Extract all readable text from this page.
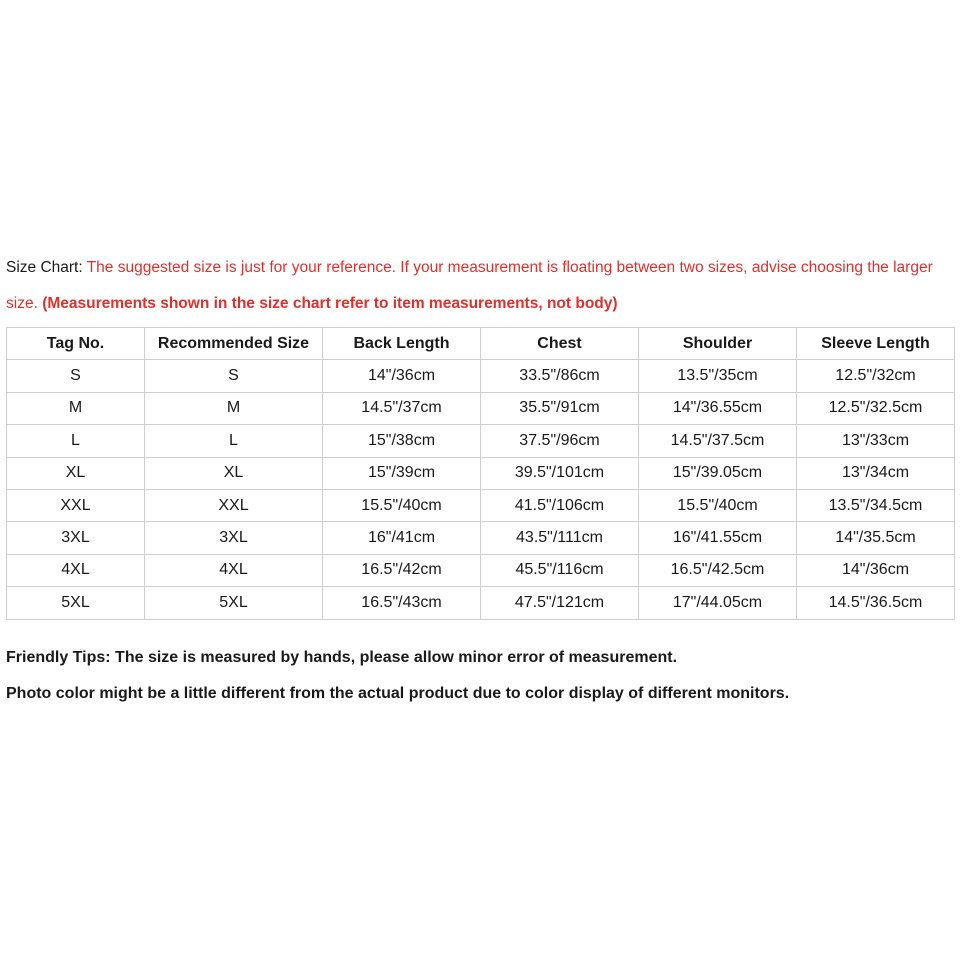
Size Chart: The suggested size is just for your reference. If your measurement is floating between two sizes, advise choosing the larger size. (Measurements shown in the size chart refer to item measurements, not body)
Tag No.	Recommended Size	Back Length	Chest	Shoulder	Sleeve Length
S	S	14"/36cm	33.5"/86cm	13.5"/35cm	12.5"/32cm
M	M	14.5"/37cm	35.5"/91cm	14"/36.55cm	12.5"/32.5cm
L	L	15"/38cm	37.5"/96cm	14.5"/37.5cm	13"/33cm
XL	XL	15"/39cm	39.5"/101cm	15"/39.05cm	13"/34cm
XXL	XXL	15.5"/40cm	41.5"/106cm	15.5"/40cm	13.5"/34.5cm
3XL	3XL	16"/41cm	43.5"/111cm	16"/41.55cm	14"/35.5cm
4XL	4XL	16.5"/42cm	45.5"/116cm	16.5"/42.5cm	14"/36cm
5XL	5XL	16.5"/43cm	47.5"/121cm	17"/44.05cm	14.5"/36.5cm
Friendly Tips: The size is measured by hands, please allow minor error of measurement.
Photo color might be a little different from the actual product due to color display of different monitors.
